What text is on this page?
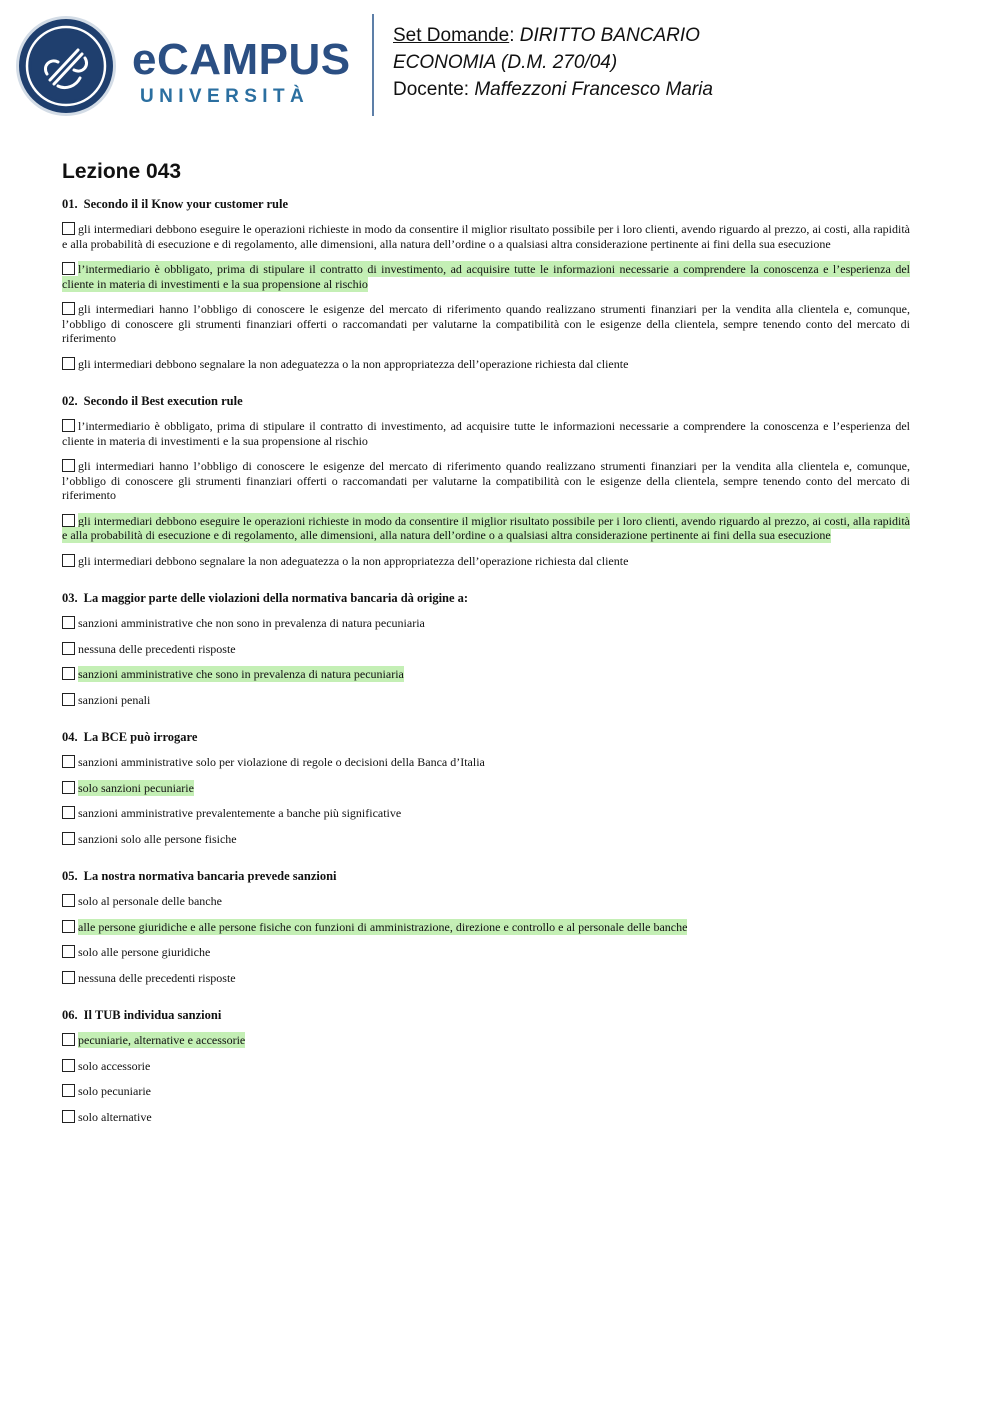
eCAMPUS
UNIVERSITÀ
Set Domande: DIRITTO BANCARIO
ECONOMIA (D.M. 270/04)
Docente: Maffezzoni Francesco Maria
Lezione 043
01. Secondo il il Know your customer rule
gli intermediari debbono eseguire le operazioni richieste in modo da consentire il miglior risultato possibile per i loro clienti, avendo riguardo al prezzo, ai costi, alla rapidità e alla probabilità di esecuzione e di regolamento, alle dimensioni, alla natura dell’ordine o a qualsiasi altra considerazione pertinente ai fini della sua esecuzione
l’intermediario è obbligato, prima di stipulare il contratto di investimento, ad acquisire tutte le informazioni necessarie a comprendere la conoscenza e l’esperienza del cliente in materia di investimenti e la sua propensione al rischio
gli intermediari hanno l’obbligo di conoscere le esigenze del mercato di riferimento quando realizzano strumenti finanziari per la vendita alla clientela e, comunque, l’obbligo di conoscere gli strumenti finanziari offerti o raccomandati per valutarne la compatibilità con le esigenze della clientela, sempre tenendo conto del mercato di riferimento
gli intermediari debbono segnalare la non adeguatezza o la non appropriatezza dell’operazione richiesta dal cliente
02. Secondo il Best execution rule
l’intermediario è obbligato, prima di stipulare il contratto di investimento, ad acquisire tutte le informazioni necessarie a comprendere la conoscenza e l’esperienza del cliente in materia di investimenti e la sua propensione al rischio
gli intermediari hanno l’obbligo di conoscere le esigenze del mercato di riferimento quando realizzano strumenti finanziari per la vendita alla clientela e, comunque, l’obbligo di conoscere gli strumenti finanziari offerti o raccomandati per valutarne la compatibilità con le esigenze della clientela, sempre tenendo conto del mercato di riferimento
gli intermediari debbono eseguire le operazioni richieste in modo da consentire il miglior risultato possibile per i loro clienti, avendo riguardo al prezzo, ai costi, alla rapidità e alla probabilità di esecuzione e di regolamento, alle dimensioni, alla natura dell’ordine o a qualsiasi altra considerazione pertinente ai fini della sua esecuzione
gli intermediari debbono segnalare la non adeguatezza o la non appropriatezza dell’operazione richiesta dal cliente
03. La maggior parte delle violazioni della normativa bancaria dà origine a:
sanzioni amministrative che non sono in prevalenza di natura pecuniaria
nessuna delle precedenti risposte
sanzioni amministrative che sono in prevalenza di natura pecuniaria
sanzioni penali
04. La BCE può irrogare
sanzioni amministrative solo per violazione di regole o decisioni della Banca d’Italia
solo sanzioni pecuniarie
sanzioni amministrative prevalentemente a banche più significative
sanzioni solo alle persone fisiche
05. La nostra normativa bancaria prevede sanzioni
solo al personale delle banche
alle persone giuridiche e alle persone fisiche con funzioni di amministrazione, direzione e controllo e al personale delle banche
solo alle persone giuridiche
nessuna delle precedenti risposte
06. Il TUB individua sanzioni
pecuniarie, alternative e accessorie
solo accessorie
solo pecuniarie
solo alternative
